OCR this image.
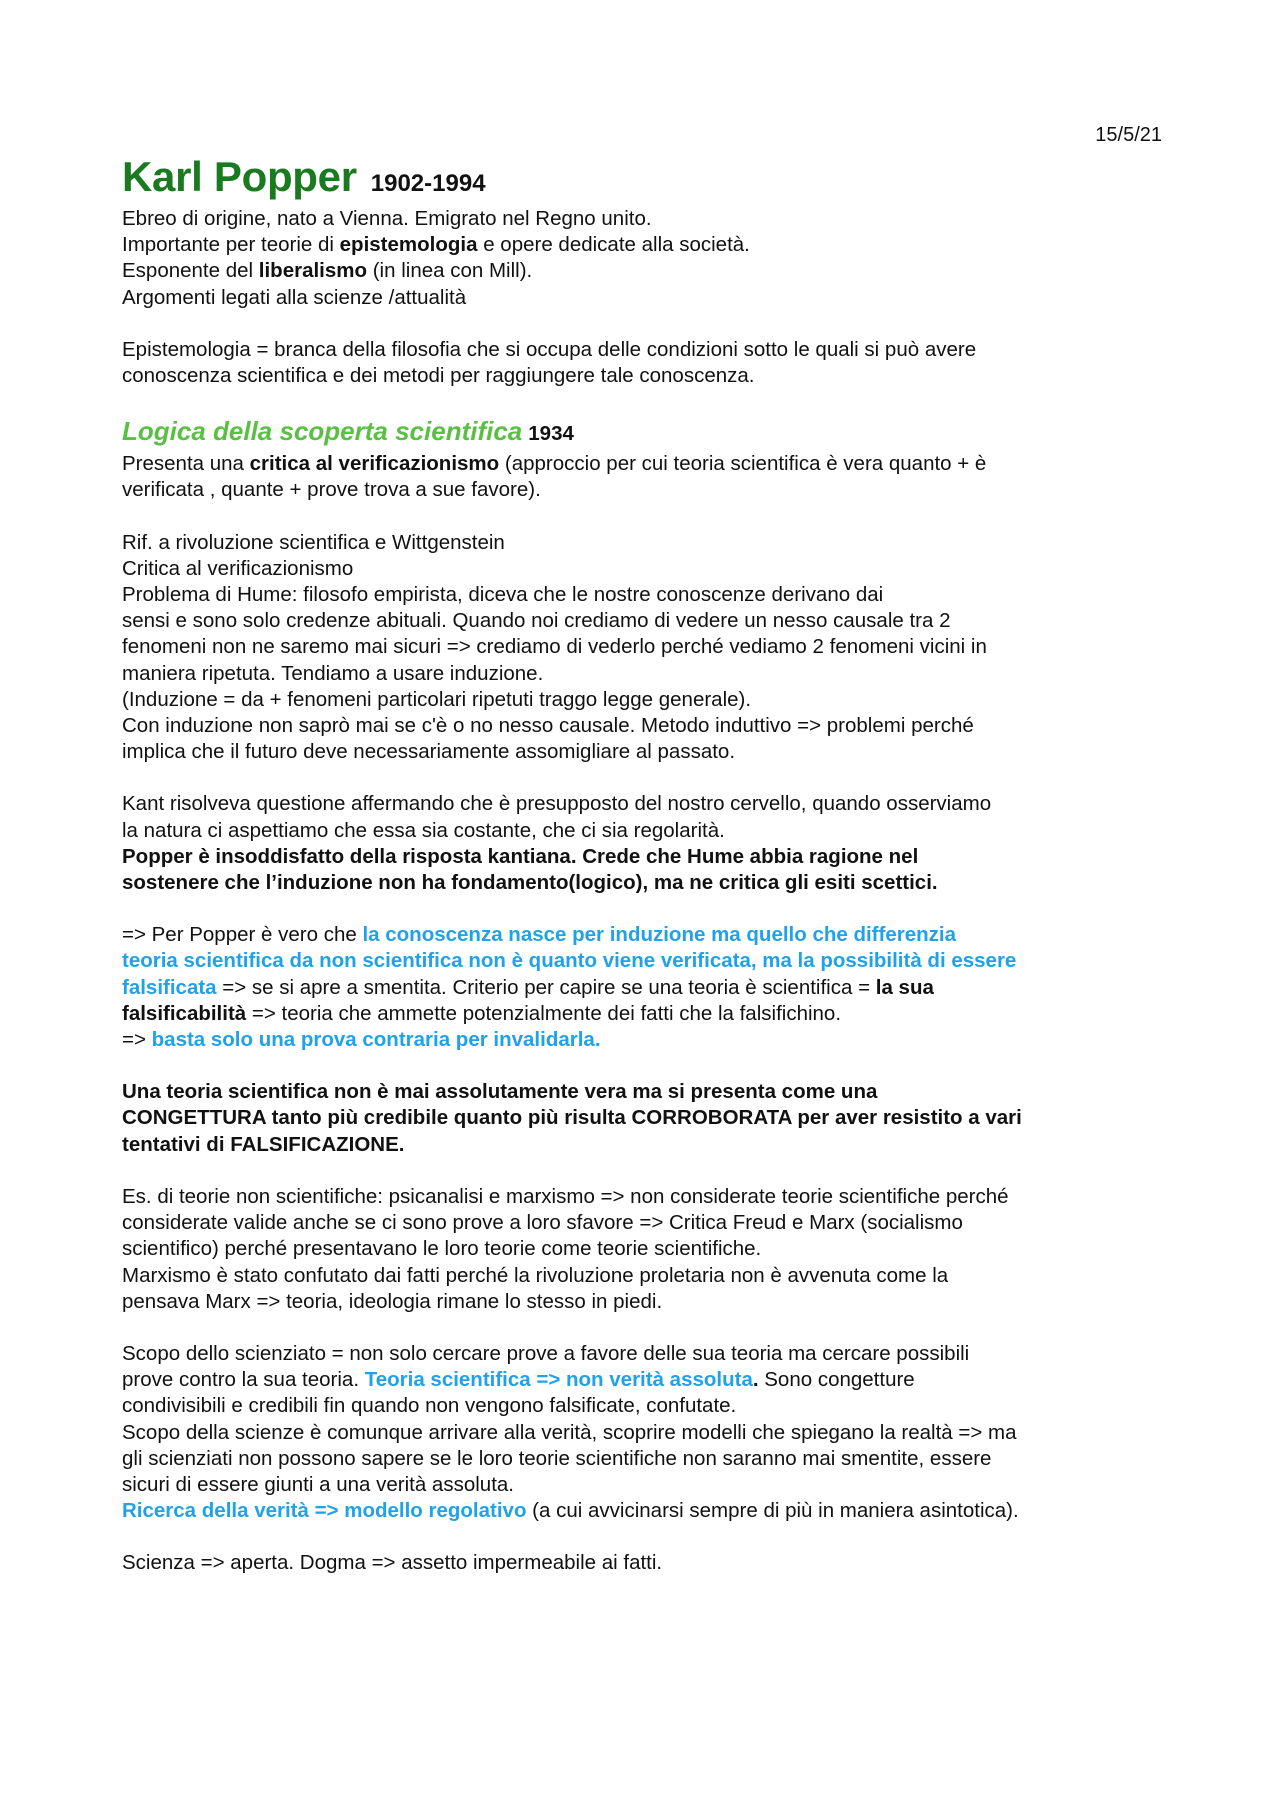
15/5/21
Karl Popper 1902-1994

Ebreo di origine, nato a Vienna. Emigrato nel Regno unito.

Importante per teorie di epistemologia e opere dedicate alla società.

Esponente del liberalismo (in linea con Mill).

Argomenti legati alla scienze /attualità

Epistemologia = branca della filosofia che si occupa delle condizioni sotto le quali si può avere

conoscenza scientifica e dei metodi per raggiungere tale conoscenza.

Logica della scoperta scientifica 1934

Presenta una critica al verificazionismo (approccio per cui teoria scientifica è vera quanto + è

verificata , quante + prove trova a sue favore).

Rif. a rivoluzione scientifica e Wittgenstein

Critica al verificazionismo

Problema di Hume: filosofo empirista, diceva che le nostre conoscenze derivano dai

sensi e sono solo credenze abituali. Quando noi crediamo di vedere un nesso causale tra 2

fenomeni non ne saremo mai sicuri => crediamo di vederlo perché vediamo 2 fenomeni vicini in

maniera ripetuta. Tendiamo a usare induzione.

(Induzione = da + fenomeni particolari ripetuti traggo legge generale).

Con induzione non saprò mai se c'è o no nesso causale. Metodo induttivo => problemi perché

implica che il futuro deve necessariamente assomigliare al passato.

Kant risolveva questione affermando che è presupposto del nostro cervello, quando osserviamo

la natura ci aspettiamo che essa sia costante, che ci sia regolarità.

Popper è insoddisfatto della risposta kantiana. Crede che Hume abbia ragione nel

sostenere che l’induzione non ha fondamento(logico), ma ne critica gli esiti scettici.

=> Per Popper è vero che la conoscenza nasce per induzione ma quello che differenzia

teoria scientifica da non scientifica non è quanto viene verificata, ma la possibilità di essere

falsificata => se si apre a smentita. Criterio per capire se una teoria è scientifica = la sua

falsificabilità => teoria che ammette potenzialmente dei fatti che la falsifichino.

=> basta solo una prova contraria per invalidarla.

Una teoria scientifica non è mai assolutamente vera ma si presenta come una

CONGETTURA tanto più credibile quanto più risulta CORROBORATA per aver resistito a vari

tentativi di FALSIFICAZIONE.

Es. di teorie non scientifiche: psicanalisi e marxismo => non considerate teorie scientifiche perché

considerate valide anche se ci sono prove a loro sfavore => Critica Freud e Marx (socialismo

scientifico) perché presentavano le loro teorie come teorie scientifiche.

Marxismo è stato confutato dai fatti perché la rivoluzione proletaria non è avvenuta come la

pensava Marx => teoria, ideologia rimane lo stesso in piedi.

Scopo dello scienziato = non solo cercare prove a favore delle sua teoria ma cercare possibili

prove contro la sua teoria. Teoria scientifica => non verità assoluta. Sono congetture

condivisibili e credibili fin quando non vengono falsificate, confutate.

Scopo della scienze è comunque arrivare alla verità, scoprire modelli che spiegano la realtà => ma

gli scienziati non possono sapere se le loro teorie scientifiche non saranno mai smentite, essere

sicuri di essere giunti a una verità assoluta.

Ricerca della verità => modello regolativo (a cui avvicinarsi sempre di più in maniera asintotica).

Scienza => aperta. Dogma => assetto impermeabile ai fatti.
